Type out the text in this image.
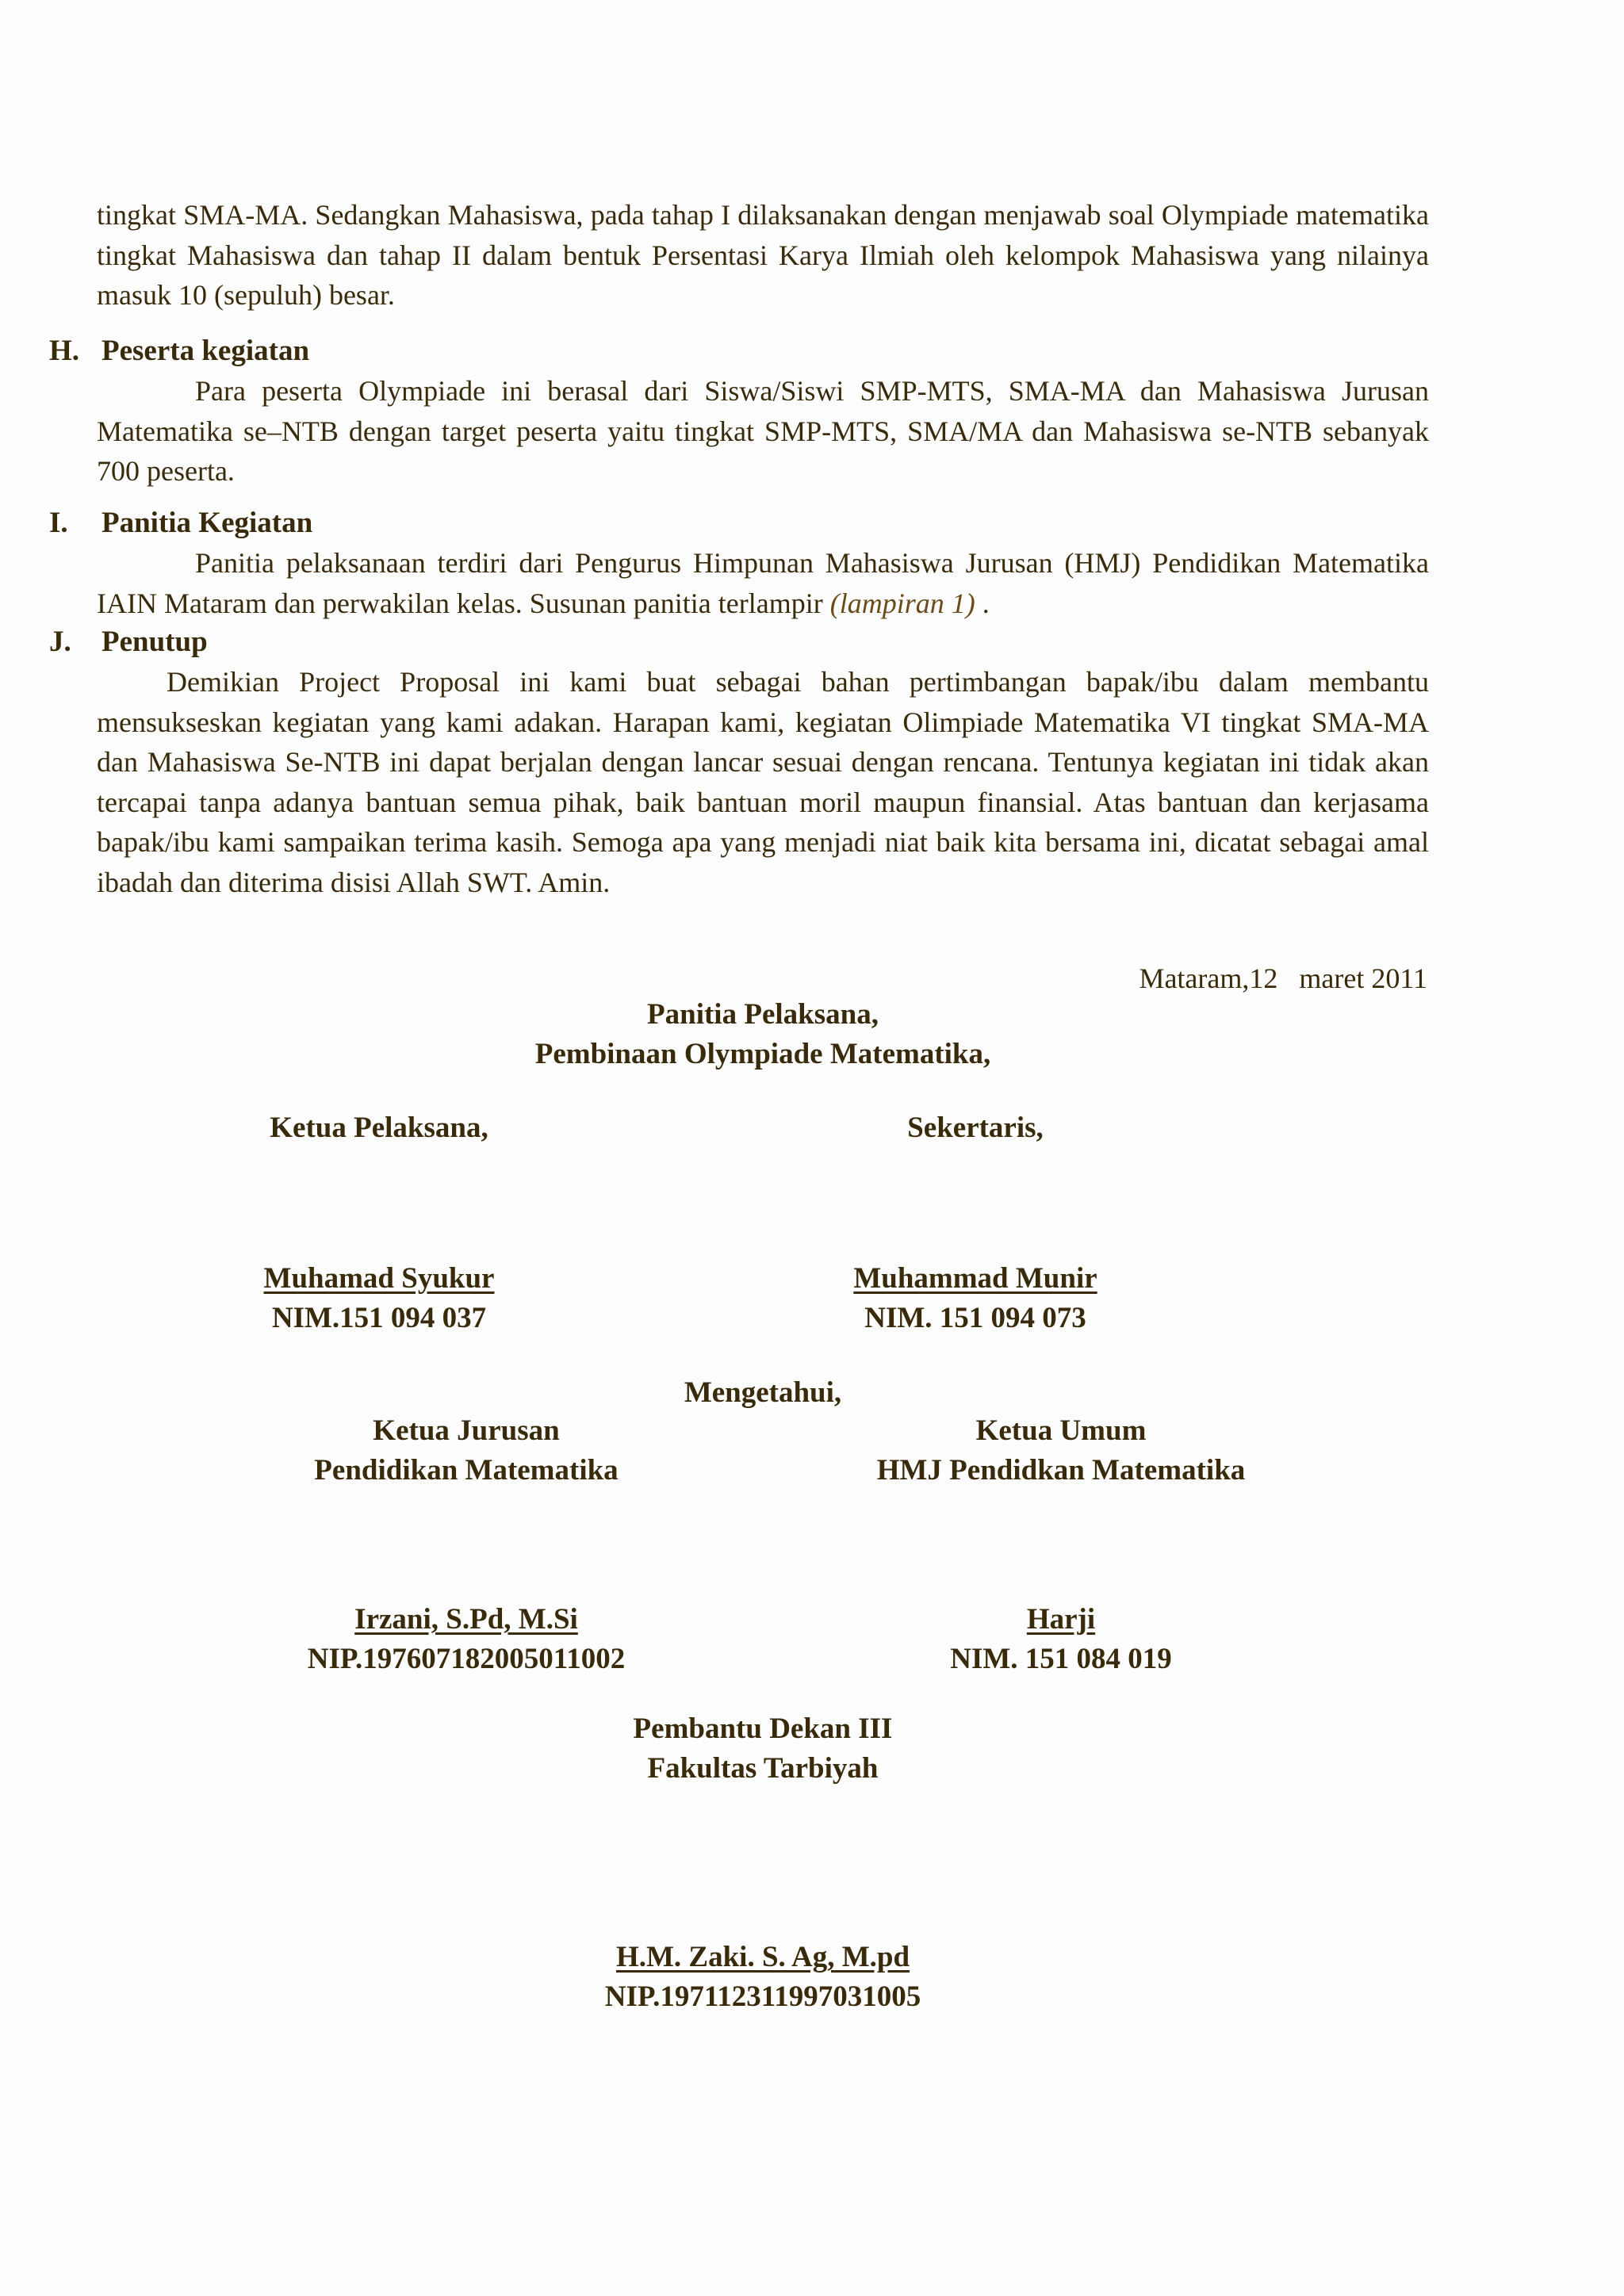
tingkat SMA-MA. Sedangkan Mahasiswa, pada tahap I dilaksanakan dengan menjawab soal Olympiade matematika tingkat Mahasiswa dan tahap II dalam bentuk Persentasi Karya Ilmiah oleh kelompok Mahasiswa yang nilainya masuk 10 (sepuluh) besar.
H. Peserta kegiatan
Para peserta Olympiade ini berasal dari Siswa/Siswi SMP-MTS, SMA-MA dan Mahasiswa Jurusan Matematika se–NTB dengan target peserta yaitu tingkat SMP-MTS, SMA/MA dan Mahasiswa se-NTB sebanyak 700 peserta.
I. Panitia Kegiatan
Panitia pelaksanaan terdiri dari Pengurus Himpunan Mahasiswa Jurusan (HMJ) Pendidikan Matematika IAIN Mataram dan perwakilan kelas. Susunan panitia terlampir (lampiran 1) .
J. Penutup
Demikian Project Proposal ini kami buat sebagai bahan pertimbangan bapak/ibu dalam membantu mensukseskan kegiatan yang kami adakan. Harapan kami, kegiatan Olimpiade Matematika VI tingkat SMA-MA dan Mahasiswa Se-NTB ini dapat berjalan dengan lancar sesuai dengan rencana. Tentunya kegiatan ini tidak akan tercapai tanpa adanya bantuan semua pihak, baik bantuan moril maupun finansial. Atas bantuan dan kerjasama bapak/ibu kami sampaikan terima kasih. Semoga apa yang menjadi niat baik kita bersama ini, dicatat sebagai amal ibadah dan diterima disisi Allah SWT. Amin.
Mataram,12   maret 2011
Panitia Pelaksana,
Pembinaan Olympiade Matematika,
Ketua Pelaksana,
Muhamad Syukur
NIM.151 094 037
Sekertaris,
Muhammad Munir
NIM. 151 094 073
Mengetahui,
Ketua Jurusan
Pendidikan Matematika
Irzani, S.Pd, M.Si
NIP.197607182005011002
Ketua Umum
HMJ Pendidkan Matematika
Harji
NIM. 151 084 019
Pembantu Dekan III
Fakultas Tarbiyah
H.M. Zaki. S. Ag, M.pd
NIP.197112311997031005
